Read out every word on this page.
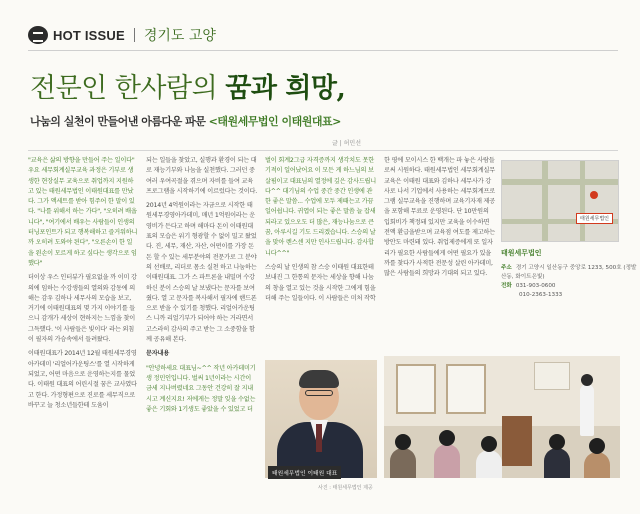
HOT ISSUE 경기도 고양
전문인 한사람의 꿈과 희망,
나눔의 실천이 만들어낸 아름다운 파문 <태원세무법인 이태원대표>
글 | 허민선

"교육은 삶의 방향을 만들어 주는 일이다" 우요 세무회계실무교육 과정은 기부로 생생한 현장실무 교육으로 취업까지 지원하고 있는 태원세무법인 이태원대표를 만났다. 그가 액세트를 받아 힘주어 한 말이 있다. "나를 위해서 하는 가다", "오히려 배웁니다", "여기에서 배우는 사람들이 인생의 터닝포인트가 되고 행복해하고 즐거워하니까 오히려 도와야 된다", "오른손이 한 일을 왼손이 모르게 하고 싶다는 생각으로 임했다"

더이상 우스 인터뷰가 필요없을 까 이미 강의에 임하는 수강생들의 열의와 감동에 의해는 감우 김하나 세무사의 모습을 보고, 거기에 이태원대표의 몇 가지 이야기를 들으니 감개가 세상이 현하지는 느낌을 찾이 그득했다. '이 사람들은 빛이다' 라는 외침이 필자의 가슴속에서 들려왔다.

이태원대표가 2014년 12월 태원세무경영아카데미 '리얼어카운팅스'를 열 시작하게 되었고, 어떤 마음으로 운영하는지를 물었다. 이태원 대표의 어린시절 꿈은 교사였다고 한다. 가정형편으로 진로를 세무직으로 바꾸고 늘 청소년들한테 도움이

되는 일들을 찾았고, 실행과 환경이 되는 대로 재능기부와 나눔을 실천했다. 그러던 중 여러 우여곡절을 겪으며 자비를 들여 교육프로그램을 시작하기에 이르렀다는 것이다.

2014년 4억원이라는 자금으로 시작한 태원세무경영아카데미, 매년 1억원이라는 운영비가 든다고 하며 해마다 돈이 이태원대표의 모습은 위기 형광할 수 없이 밀고 왔었다. 진, 세무, 재산, 자산, 어떤이를 가장 돈돈 할 수 있는 세무분야의 전문가로 그 분야의 선배로, 리더로 몸소 실천 하고 나눔하는 이태원대표. 그가 스 파트론을 내밀며 수강하신 분이 스승의 날 보냈다는 문자를 보여줬다. 열 고 문자를 복사해서 필자에 핸드폰으로 받을 수 있기를 청했다. 리얼어카운팅스 니까 리얼기부가 되어야 하는 거라면서 고스라히 감사의 주고 받는 그 소중함을 함께 공유해 본다.

문자내용

"안녕하세요 대표님~^^ 작년 아카데미기생 정민인입니다. 벌써 1년이라는 시간이 금세 지나버렸네요 그동안 건강히 잘 지내시고 계신지요! 저에게는 정말 잊을 수없는 좋은 기회와 1기생도 좋았을 수 있었고 더

벌이 회계2그급 자격증까지 생각치도 못한 기적이 일어났어요 이 모든 게 하느님의 보살핌이고 대표님의 열정에 깊은 감사드립니다^^ 대기님의 수업 중간 중간 인생에 관한 좋은 말씀... 수업에 모두 제때는고 가끔 일어쉽니다. 귀엽이 되는 좋은 말씀 늘 잡새되라고 있으오도 더 많은, 재능나눔으로 큰 꿈, 아루시길 기도 드리겠습니다. 스승의 날을 맞아 렌스센 지만 인사드립니다. 감사합니다^^"

스승의 날 인생의 참 스승 이태원 대표한테 보내진 그 한통의 문자는 세상을 향해 나눔의 창을 열고 있는 것을 시작한 그에게 힘을 더해 주는 일들이다. 이 사람들은 미처 작학

한 평에 모이시스 한 백개는 파 놓은 사람들로써 시원하다. 태원세무법인 세무회계실무교육은 이태원 대표와 김하나 세무사가 강사로 나서 기업에서 사용하는 세무회계프로그램 실무교육을 진행하며 교육기자재 제공을 포함해 무료로 운영된다. 단 10만원의 입회비가 책정돼 있지만 교육을 이수하면 전액 환급을받으며 교육점 여도를 제고하는 방안도 마련돼 있다. 취업제증에게 또 일자리가 필요한 사람들에게 어떤 필요가 있을까를 찾다가 사적한 전문성 살린 아카데미, 많은 사람들의 희망과 기대의 되고 있다.

태원세무법인
태원세무법인
주소 경기 고양시 일산동구 중앙로 1233, 500호 (정발산동, 화이트은빛)
전화 031-903-0600
010-2363-1333
태원세무법인 이태원 대표
사진 : 태원세무법인 제공
